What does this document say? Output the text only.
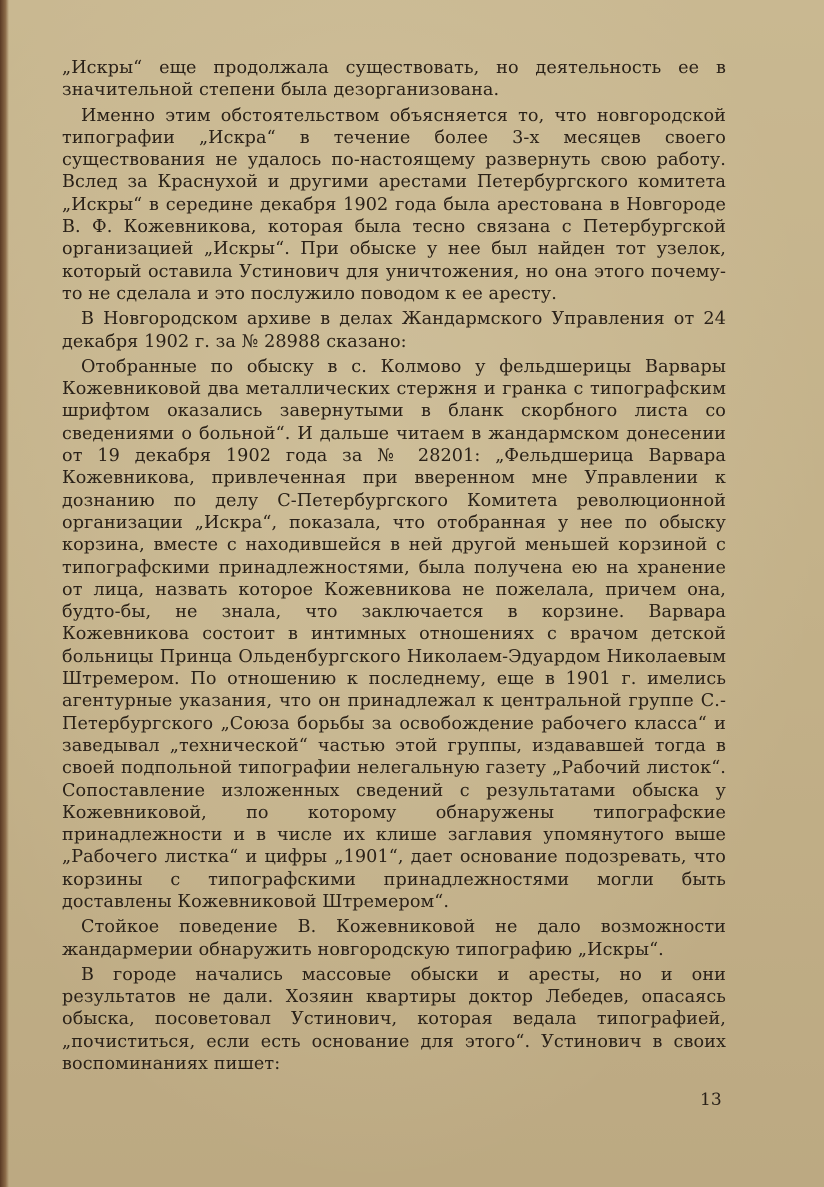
„Искры“ еще продолжала существовать, но деятельность ее в значительной степени была дезорганизована.

Именно этим обстоятельством объясняется то, что новгородской типографии „Искра“ в течение более 3-х месяцев своего существования не удалось по-настоящему развернуть свою работу. Вслед за Краснухой и другими арестами Петербургского комитета „Искры“ в середине декабря 1902 года была арестована в Новгороде В. Ф. Кожевникова, которая была тесно связана с Петербургской организацией „Искры“. При обыске у нее был найден тот узелок, который оставила Устинович для уничтожения, но она этого почему-то не сделала и это послужило поводом к ее аресту.

В Новгородском архиве в делах Жандармского Управления от 24 декабря 1902 г. за № 28988 сказано:

Отобранные по обыску в с. Колмово у фельдшерицы Варвары Кожевниковой два металлических стержня и гранка с типографским шрифтом оказались завернутыми в бланк скорбного листа со сведениями о больной“. И дальше читаем в жандармском донесении от 19 декабря 1902 года за № 28201: „Фельдшерица Варвара Кожевникова, привлеченная при вверенном мне Управлении к дознанию по делу С-Петербургского Комитета революционной организации „Искра“, показала, что отобранная у нее по обыску корзина, вместе с находившейся в ней другой меньшей корзиной с типографскими принадлежностями, была получена ею на хранение от лица, назвать которое Кожевникова не пожелала, причем она, будто-бы, не знала, что заключается в корзине. Варвара Кожевникова состоит в интимных отношениях с врачом детской больницы Принца Ольденбургского Николаем-Эдуардом Николаевым Штремером. По отношению к последнему, еще в 1901 г. имелись агентурные указания, что он принадлежал к центральной группе С.-Петербургского „Союза борьбы за освобождение рабочего класса“ и заведывал „технической“ частью этой группы, издававшей тогда в своей подпольной типографии нелегальную газету „Рабочий листок“. Сопоставление изложенных сведений с результатами обыска у Кожевниковой, по которому обнаружены типографские принадлежности и в числе их клише заглавия упомянутого выше „Рабочего листка“ и цифры „1901“, дает основание подозревать, что корзины с типографскими принадлежностями могли быть доставлены Кожевниковой Штремером“.

Стойкое поведение В. Кожевниковой не дало возможности жандармерии обнаружить новгородскую типографию „Искры“.

В городе начались массовые обыски и аресты, но и они результатов не дали. Хозяин квартиры доктор Лебедев, опасаясь обыска, посоветовал Устинович, которая ведала типографией, „почиститься, если есть основание для этого“. Устинович в своих воспоминаниях пишет:

13
